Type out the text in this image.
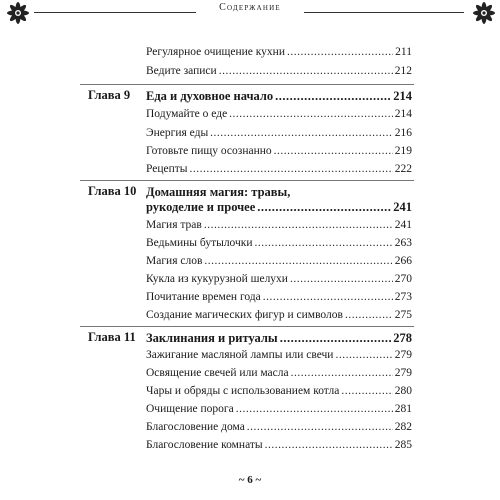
Содержание
Регулярное очищение кухни .....	211
Ведите записи .....	212
Глава 9 Еда и духовное начало .....	214
Подумайте о еде .....	214
Энергия еды .....	216
Готовьте пищу осознанно .....	219
Рецепты .....	222
Глава 10 Домашняя магия: травы,
рукоделие и прочее .....	241
Магия трав .....	241
Ведьмины бутылочки .....	263
Магия слов .....	266
Кукла из кукурузной шелухи .....	270
Почитание времен года .....	273
Создание магических фигур и символов .....	275
Глава 11 Заклинания и ритуалы .....	278
Зажигание масляной лампы или свечи .....	279
Освящение свечей или масла .....	279
Чары и обряды с использованием котла .....	280
Очищение порога .....	281
Благословение дома .....	282
Благословение комнаты .....	285
~ 6 ~
